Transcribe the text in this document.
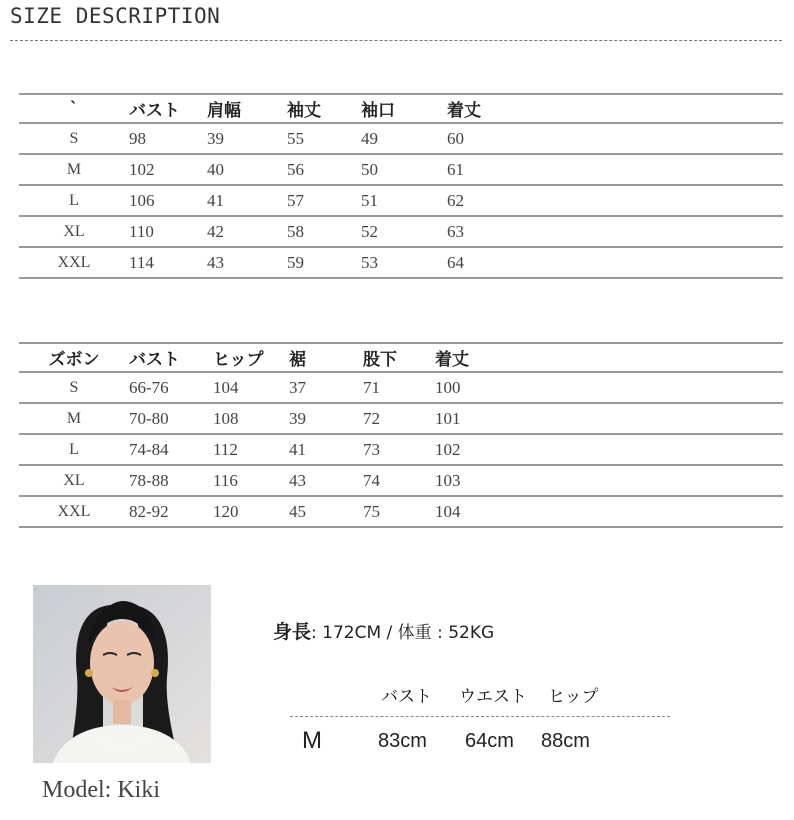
SIZE DESCRIPTION
ˋ	バスト	肩幅	袖丈	袖口	着丈
S	98	39	55	49	60
M	102	40	56	50	61
L	106	41	57	51	62
XL	110	42	58	52	63
XXL	114	43	59	53	64
ズボン	バスト	ヒップ	裾	股下	着丈
S	66-76	104	37	71	100
M	70-80	108	39	72	101
L	74-84	112	41	73	102
XL	78-88	116	43	74	103
XXL	82-92	120	45	75	104
Model: Kiki
身長: 172CM / 体重 : 52KG
バスト ウエスト ヒップ
M	83cm 64cm 88cm
